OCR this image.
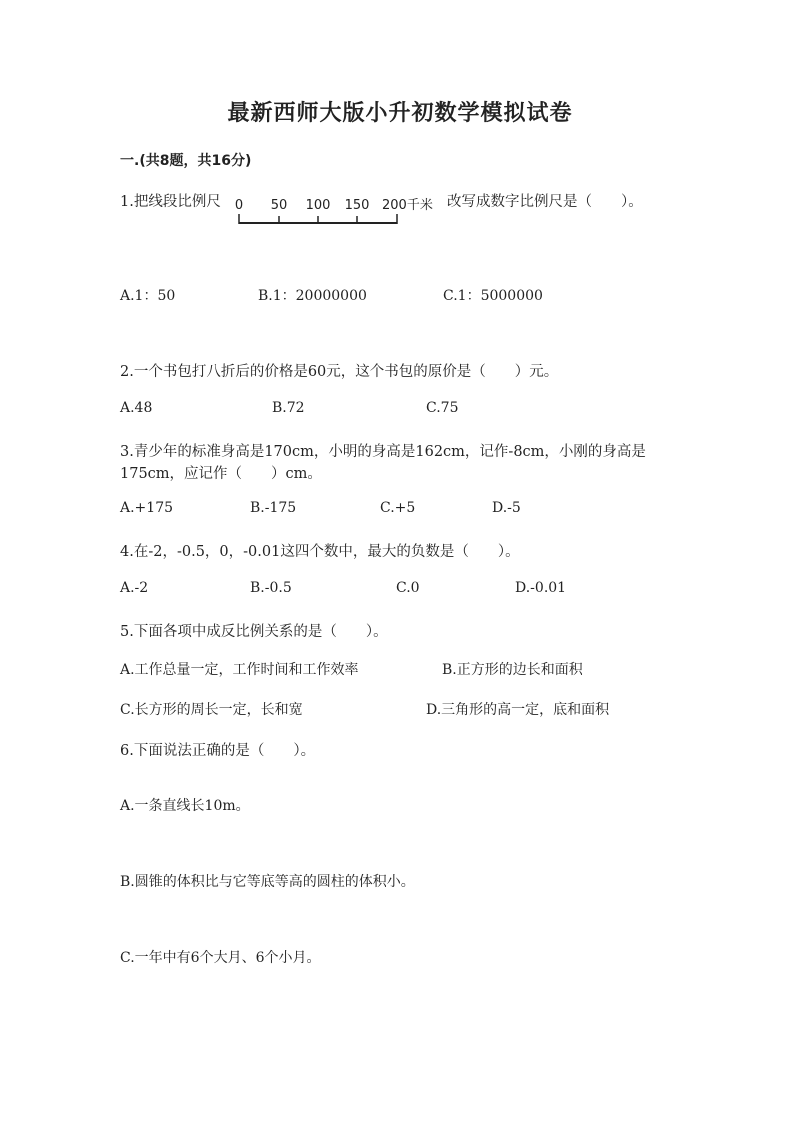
最新西师大版小升初数学模拟试卷
一.(共8题，共16分)
1.把线段比例尺 0 50 100 150 200千米 改写成数字比例尺是（　　）。
A.1：50	B.1：20000000	C.1：5000000
2.一个书包打八折后的价格是60元，这个书包的原价是（　　）元。
A.48	B.72	C.75
3.青少年的标准身高是170cm，小明的身高是162cm，记作-8cm，小刚的身高是
175cm，应记作（　　）cm。
A.+175	B.-175	C.+5	D.-5
4.在-2，-0.5，0，-0.01这四个数中，最大的负数是（　　）。
A.-2	B.-0.5	C.0	D.-0.01
5.下面各项中成反比例关系的是（　　）。
A.工作总量一定，工作时间和工作效率	B.正方形的边长和面积
C.长方形的周长一定，长和宽	D.三角形的高一定，底和面积
6.下面说法正确的是（　　）。
A.一条直线长10m。
B.圆锥的体积比与它等底等高的圆柱的体积小。
C.一年中有6个大月、6个小月。
